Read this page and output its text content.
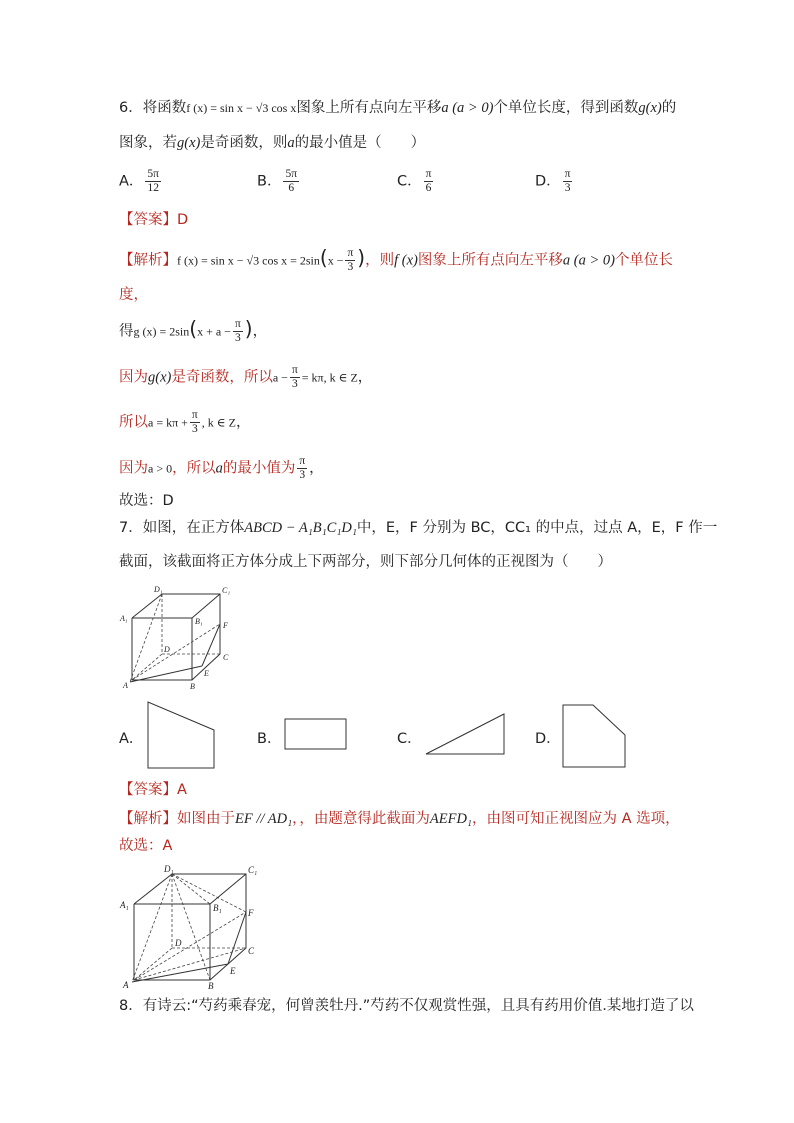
6．将函数f (x) = sin x − √3 cos x图象上所有点向左平移a (a > 0)个单位长度，得到函数g(x)的
图象，若g(x)是奇函数，则a的最小值是（　　）
A． $\frac{5\pi}{12}$	B． $\frac{5\pi}{6}$	C． $\frac{\pi}{6}$	D． $\frac{\pi}{3}$
【答案】D
【解析】f (x) = sin x − √3 $\cos x = 2\sin(x - \frac{\pi}{3}$ )，则f (x)图象上所有点向左平移a (a > 0)个单位长
度，
得g $(x) = 2\sin(x + a - \frac{\pi}{3}$ )，
因为g(x)是奇函数，所以$a - \frac{\pi}{3} = k\pi$, k ∈ Z，
所以$a = k\pi + \frac{\pi}{3}$ , k ∈ Z，
因为a > 0，所以a的最小值为 $\frac{\pi}{3}$ ，
故选：D
7．如图，在正方体ABCD − A₁B₁C₁D₁中，E，F 分别为 BC，CC₁ 的中点，过点 A，E，F 作一
截面，该截面将正方体分成上下两部分，则下部分几何体的正视图为（　　）
D₁	C₁
A₁	B₁	F
D
C
A
E
B
A．	B．	C．	D．
【答案】A
【解析】如图由于EF // AD₁，，由题意得此截面为AEFD₁，由图可知正视图应为 A 选项，
故选：A
D₁	C₁
A₁	B₁	F
D
C
A
E
B
8．有诗云:“芍药乘春宠，何曾羡牡丹.”芍药不仅观赏性强，且具有药用价值.某地打造了以
